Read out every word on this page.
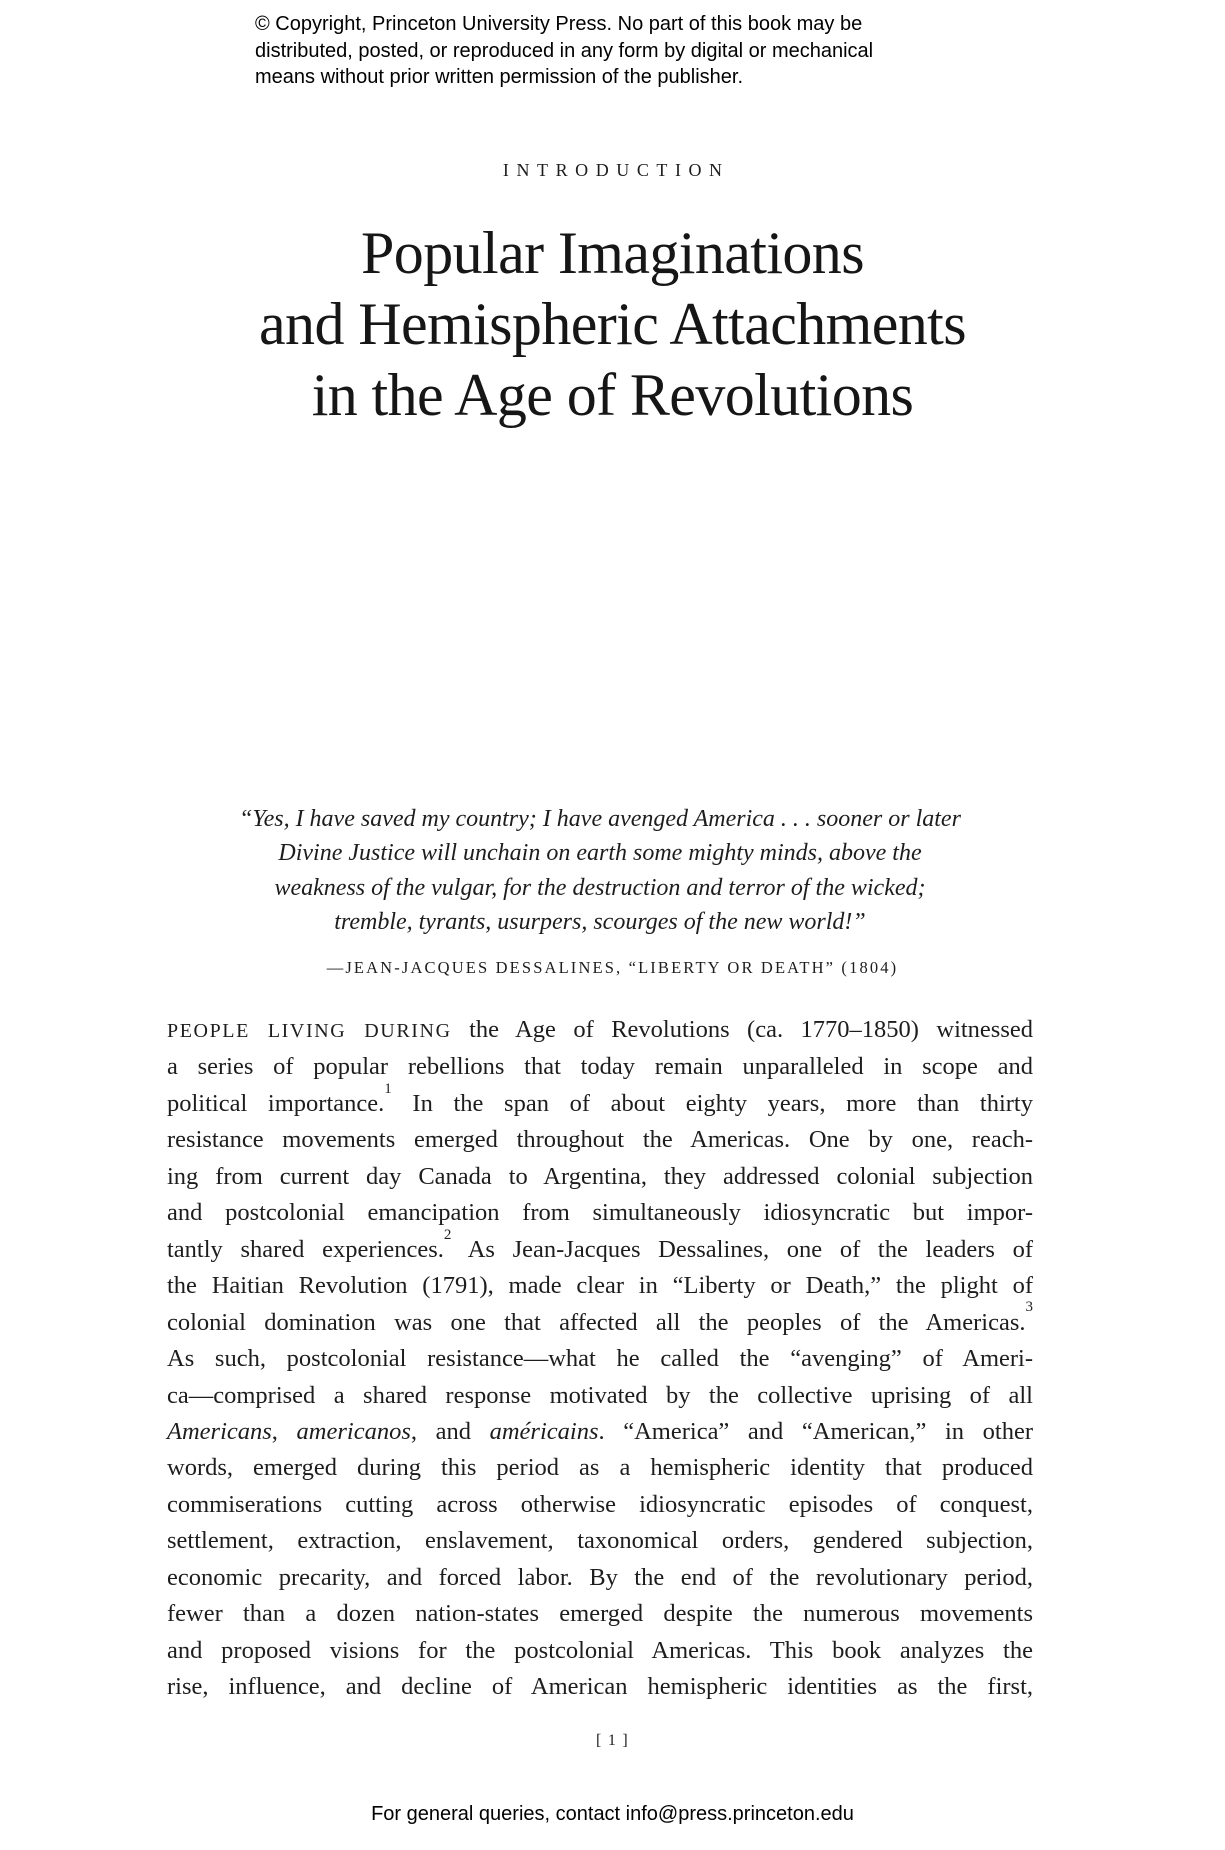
© Copyright, Princeton University Press. No part of this book may be
distributed, posted, or reproduced in any form by digital or mechanical
means without prior written permission of the publisher.
INTRODUCTION
Popular Imaginations
and Hemispheric Attachments
in the Age of Revolutions
“Yes, I have saved my country; I have avenged America . . . sooner or later
Divine Justice will unchain on earth some mighty minds, above the
weakness of the vulgar, for the destruction and terror of the wicked;
tremble, tyrants, usurpers, scourges of the new world!”
—JEAN-JACQUES DESSALINES, “LIBERTY OR DEATH” (1804)
PEOPLE LIVING DURING the Age of Revolutions (ca. 1770–1850) witnessed
a series of popular rebellions that today remain unparalleled in scope and
political importance.$^1$ In the span of about eighty years, more than thirty
resistance movements emerged throughout the Americas. One by one, reach-
ing from current day Canada to Argentina, they addressed colonial subjection
and postcolonial emancipation from simultaneously idiosyncratic but impor-
tantly shared experiences.$^2$ As Jean-Jacques Dessalines, one of the leaders of
the Haitian Revolution (1791), made clear in “Liberty or Death,” the plight of
colonial domination was one that affected all the peoples of the Americas.$^3$
As such, postcolonial resistance—what he called the “avenging” of Ameri-
ca—comprised a shared response motivated by the collective uprising of all
Americans, americanos, and américains. “America” and “American,” in other
words, emerged during this period as a hemispheric identity that produced
commiserations cutting across otherwise idiosyncratic episodes of conquest,
settlement, extraction, enslavement, taxonomical orders, gendered subjection,
economic precarity, and forced labor. By the end of the revolutionary period,
fewer than a dozen nation-states emerged despite the numerous movements
and proposed visions for the postcolonial Americas. This book analyzes the
rise, influence, and decline of American hemispheric identities as the first,
[ 1 ]
For general queries, contact info@press.princeton.edu
